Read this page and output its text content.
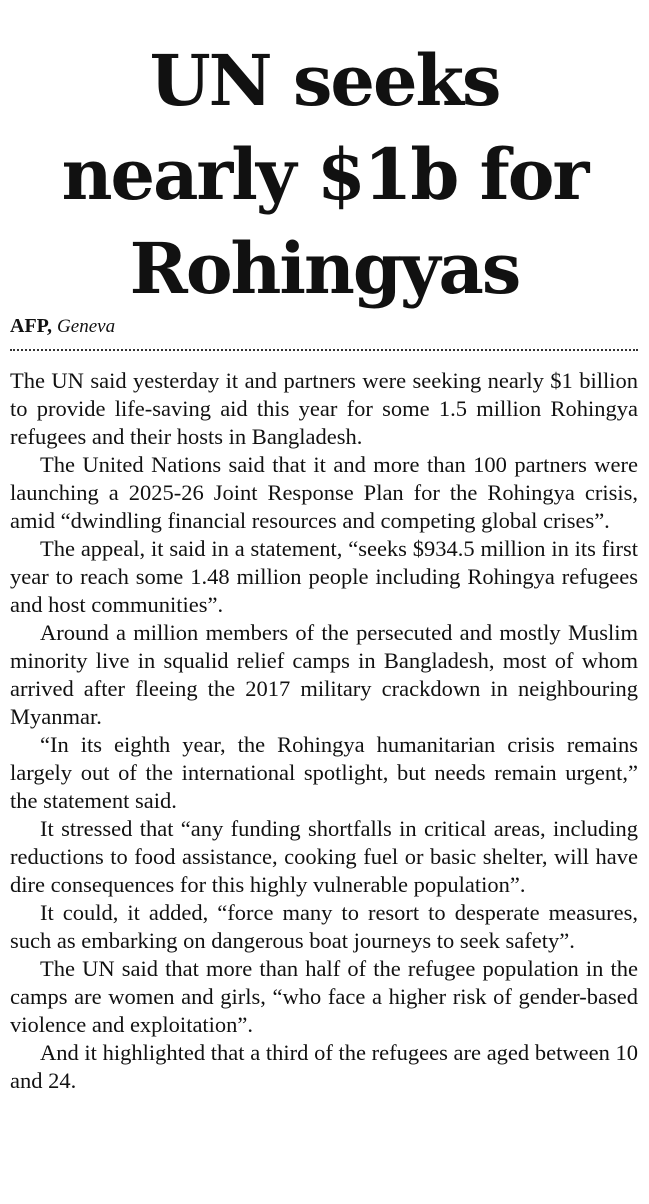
UN seeks
nearly $1b for
Rohingyas
AFP, Geneva

The UN said yesterday it and partners were seeking nearly $1 billion to provide life-saving aid this year for some 1.5 million Rohingya refugees and their hosts in Bangladesh.

The United Nations said that it and more than 100 partners were launching a 2025-26 Joint Response Plan for the Rohingya crisis, amid “dwindling financial resources and competing global crises”.

The appeal, it said in a statement, “seeks $934.5 million in its first year to reach some 1.48 million people including Rohingya refugees and host communities”.

Around a million members of the persecuted and mostly Muslim minority live in squalid relief camps in Bangladesh, most of whom arrived after fleeing the 2017 military crackdown in neighbouring Myanmar.

“In its eighth year, the Rohingya humanitarian crisis remains largely out of the international spotlight, but needs remain urgent,” the statement said.

It stressed that “any funding shortfalls in critical areas, including reductions to food assistance, cooking fuel or basic shelter, will have dire consequences for this highly vulnerable population”.

It could, it added, “force many to resort to desperate measures, such as embarking on dangerous boat journeys to seek safety”.

The UN said that more than half of the refugee population in the camps are women and girls, “who face a higher risk of gender-based violence and exploitation”.

And it highlighted that a third of the refugees are aged between 10 and 24.
